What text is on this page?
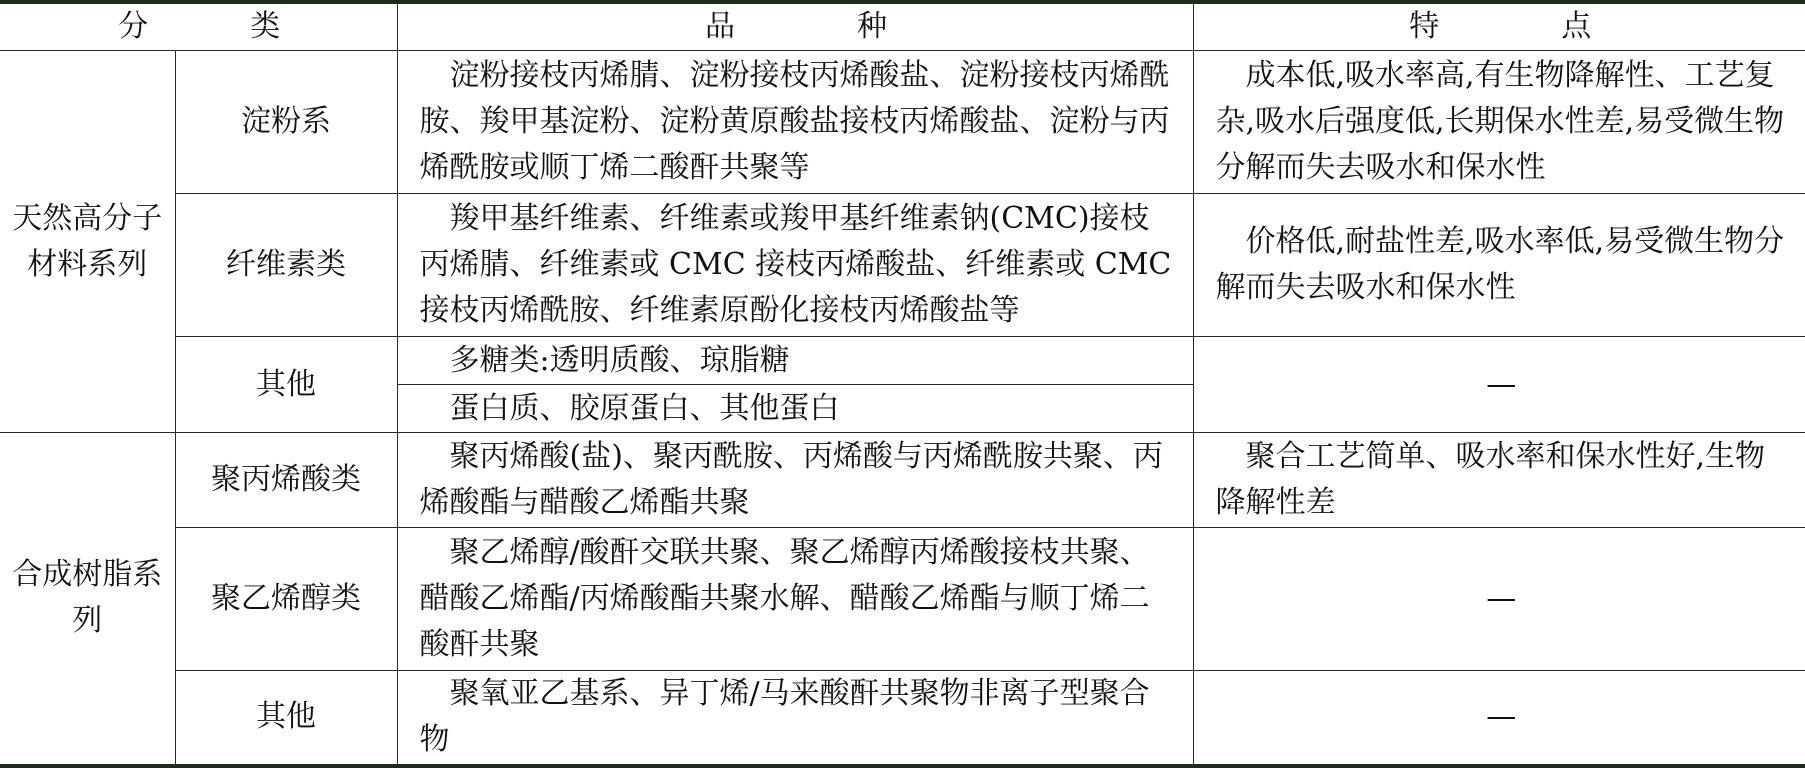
分 类		品 种	特 点
天然高分子材料系列	淀粉系	淀粉接枝丙烯腈、淀粉接枝丙烯酸盐、淀粉接枝丙烯酰胺、羧甲基淀粉、淀粉黄原酸盐接枝丙烯酸盐、淀粉与丙烯酰胺或顺丁烯二酸酐共聚等	成本低,吸水率高,有生物降解性、工艺复杂,吸水后强度低,长期保水性差,易受微生物分解而失去吸水和保水性
	纤维素类	羧甲基纤维素、纤维素或羧甲基纤维素钠(CMC)接枝丙烯腈、纤维素或 CMC 接枝丙烯酸盐、纤维素或 CMC 接枝丙烯酰胺、纤维素原酚化接枝丙烯酸盐等	价格低,耐盐性差,吸水率低,易受微生物分解而失去吸水和保水性
	其他	多糖类:透明质酸、琼脂糖	—
		蛋白质、胶原蛋白、其他蛋白	
合成树脂系列	聚丙烯酸类	聚丙烯酸(盐)、聚丙酰胺、丙烯酸与丙烯酰胺共聚、丙烯酸酯与醋酸乙烯酯共聚	聚合工艺简单、吸水率和保水性好,生物降解性差
	聚乙烯醇类	聚乙烯醇/酸酐交联共聚、聚乙烯醇丙烯酸接枝共聚、醋酸乙烯酯/丙烯酸酯共聚水解、醋酸乙烯酯与顺丁烯二酸酐共聚	—
	其他	聚氧亚乙基系、异丁烯/马来酸酐共聚物非离子型聚合物	—
